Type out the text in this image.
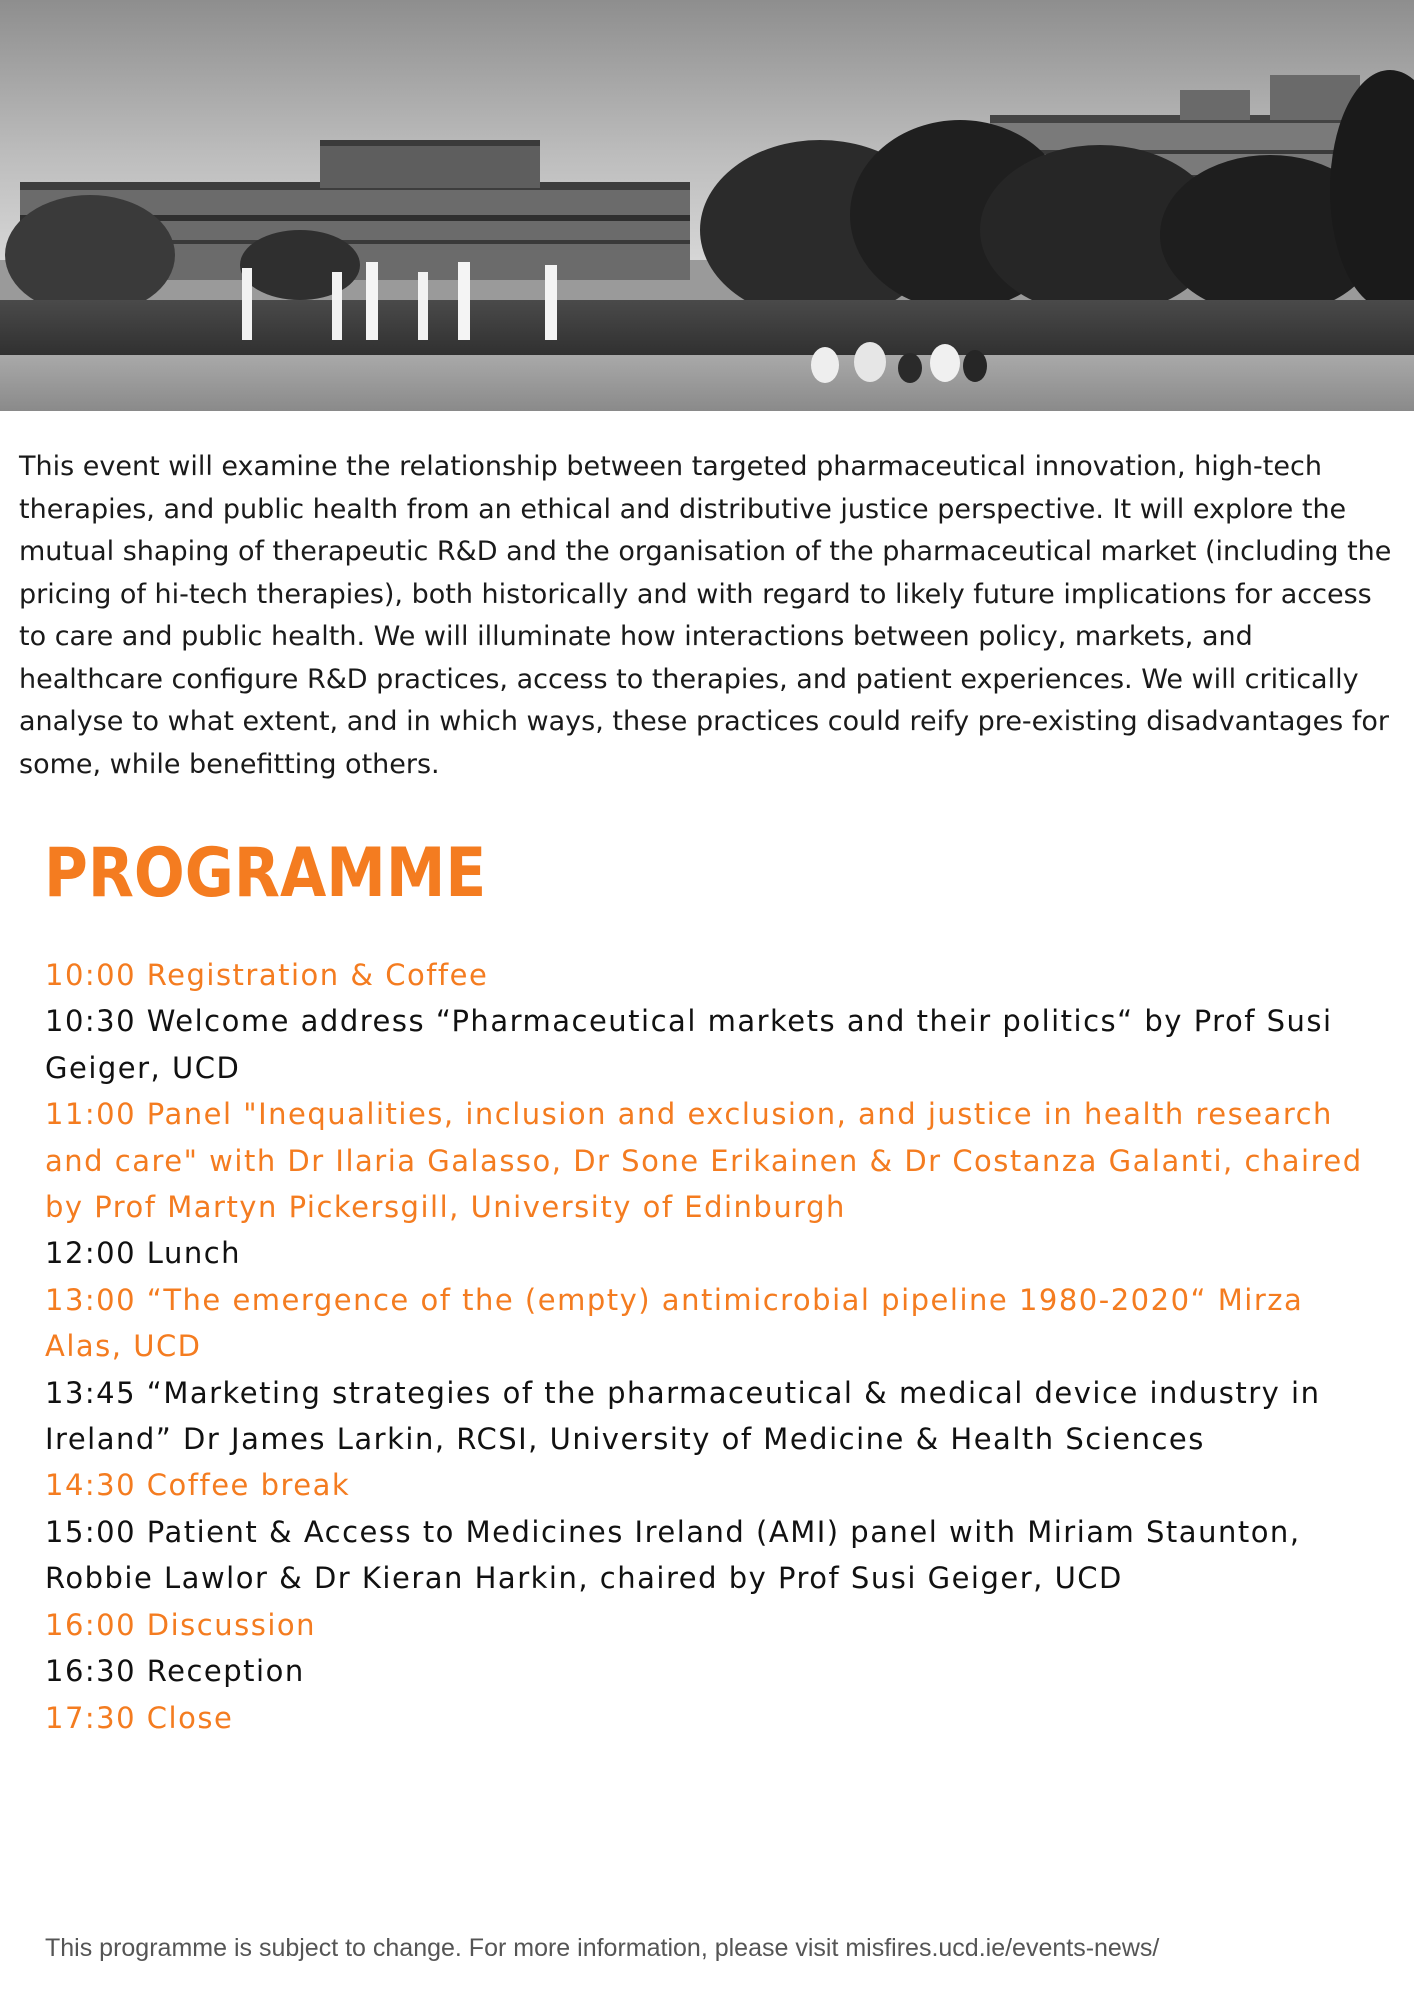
This event will examine the relationship between targeted pharmaceutical innovation, high-tech therapies, and public health from an ethical and distributive justice perspective. It will explore the mutual shaping of therapeutic R&D and the organisation of the pharmaceutical market (including the pricing of hi-tech therapies), both historically and with regard to likely future implications for access to care and public health. We will illuminate how interactions between policy, markets, and healthcare configure R&D practices, access to therapies, and patient experiences. We will critically analyse to what extent, and in which ways, these practices could reify pre-existing disadvantages for some, while benefitting others.

PROGRAMME
10:00 Registration & Coffee
10:30 Welcome address “Pharmaceutical markets and their politics“ by Prof Susi Geiger, UCD
11:00 Panel "Inequalities, inclusion and exclusion, and justice in health research and care" with Dr Ilaria Galasso, Dr Sone Erikainen & Dr Costanza Galanti, chaired by Prof Martyn Pickersgill, University of Edinburgh
12:00 Lunch
13:00 “The emergence of the (empty) antimicrobial pipeline 1980-2020“ Mirza Alas, UCD
13:45 “Marketing strategies of the pharmaceutical & medical device industry in Ireland” Dr James Larkin, RCSI, University of Medicine & Health Sciences
14:30 Coffee break
15:00 Patient & Access to Medicines Ireland (AMI) panel with Miriam Staunton, Robbie Lawlor & Dr Kieran Harkin, chaired by Prof Susi Geiger, UCD
16:00 Discussion
16:30 Reception
17:30 Close

This programme is subject to change. For more information, please visit misfires.ucd.ie/events-news/
